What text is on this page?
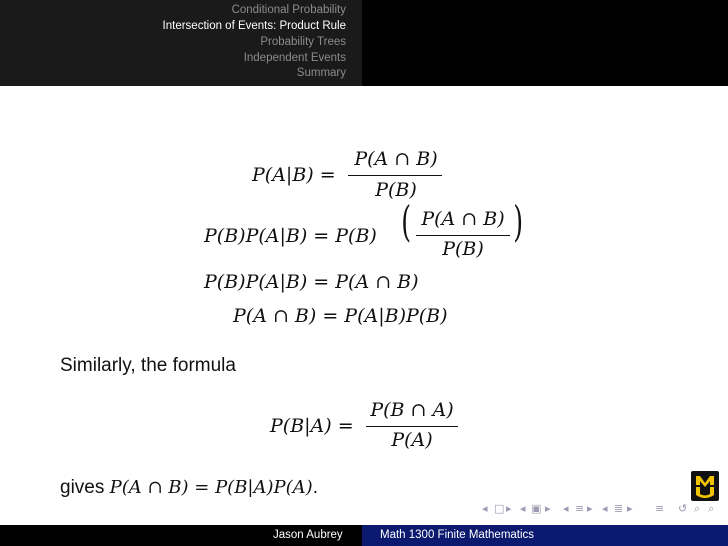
Conditional Probability
Intersection of Events: Product Rule
Probability Trees
Independent Events
Summary
P(A|B) =
P(A ∩ B)
P(B)
P(B)P(A|B) = P(B) ( P(A ∩ B)
P(B)
)
P(B)P(A|B) = P(A ∩ B)
P(A ∩ B) = P(A|B)P(B)
Similarly, the formula
P(B|A) =
P(B ∩ A)
P(A)
gives P(A ∩ B) = P(B|A)P(A).
◂ □ ▸ ◂ ▣ ▸ ◂ ≡ ▸ ◂ ≣ ▸ ≡ ↺ ⌕ ⌕
Jason Aubrey	Math 1300 Finite Mathematics
